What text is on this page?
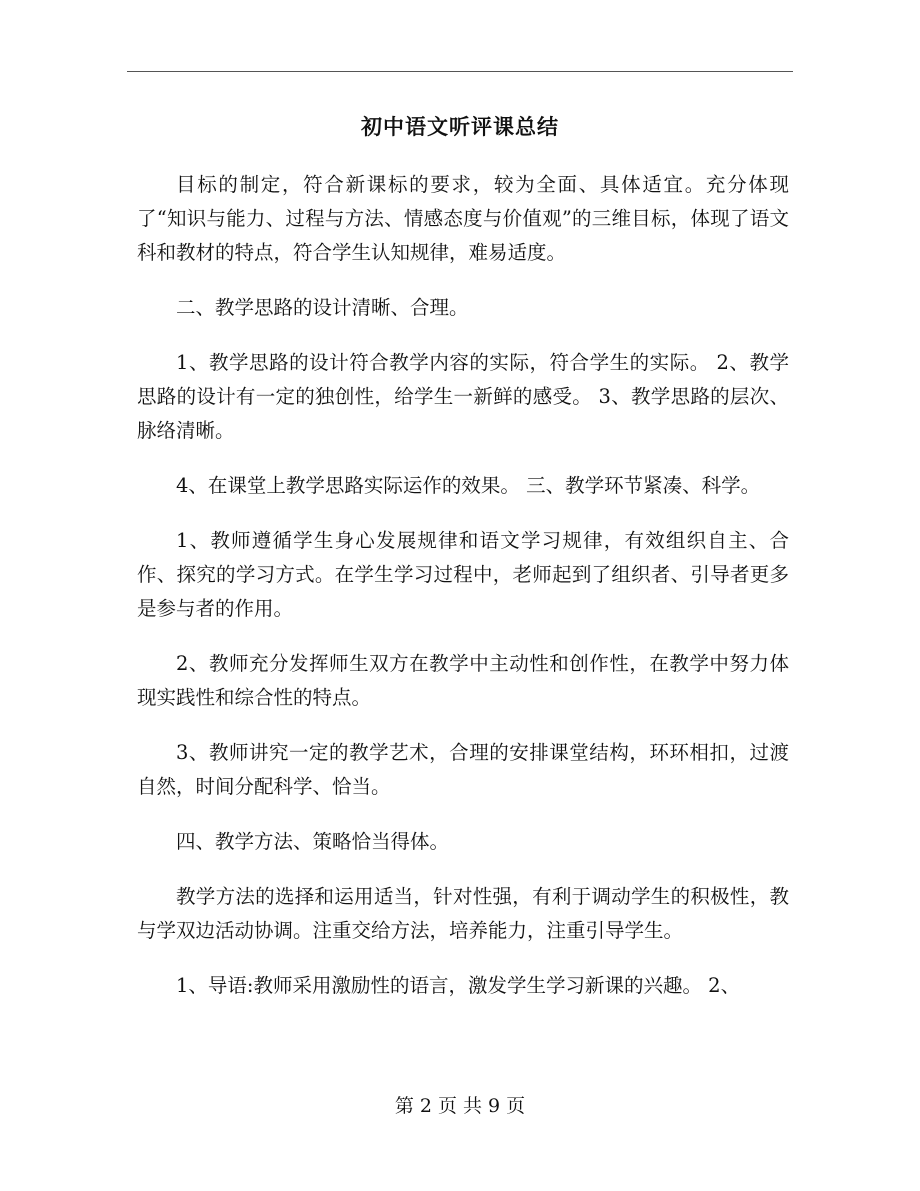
初中语文听评课总结

目标的制定，符合新课标的要求，较为全面、具体适宜。充分体现了“知识与能力、过程与方法、情感态度与价值观”的三维目标，体现了语文科和教材的特点，符合学生认知规律，难易适度。

二、教学思路的设计清晰、合理。

1、教学思路的设计符合教学内容的实际，符合学生的实际。 2、教学思路的设计有一定的独创性，给学生一新鲜的感受。 3、教学思路的层次、脉络清晰。

4、在课堂上教学思路实际运作的效果。 三、教学环节紧凑、科学。

1、教师遵循学生身心发展规律和语文学习规律，有效组织自主、合作、探究的学习方式。在学生学习过程中，老师起到了组织者、引导者更多是参与者的作用。

2、教师充分发挥师生双方在教学中主动性和创作性，在教学中努力体现实践性和综合性的特点。

3、教师讲究一定的教学艺术，合理的安排课堂结构，环环相扣，过渡自然，时间分配科学、恰当。

四、教学方法、策略恰当得体。

教学方法的选择和运用适当，针对性强，有利于调动学生的积极性，教与学双边活动协调。注重交给方法，培养能力，注重引导学生。

1、导语:教师采用激励性的语言，激发学生学习新课的兴趣。 2、

第 2 页 共 9 页
